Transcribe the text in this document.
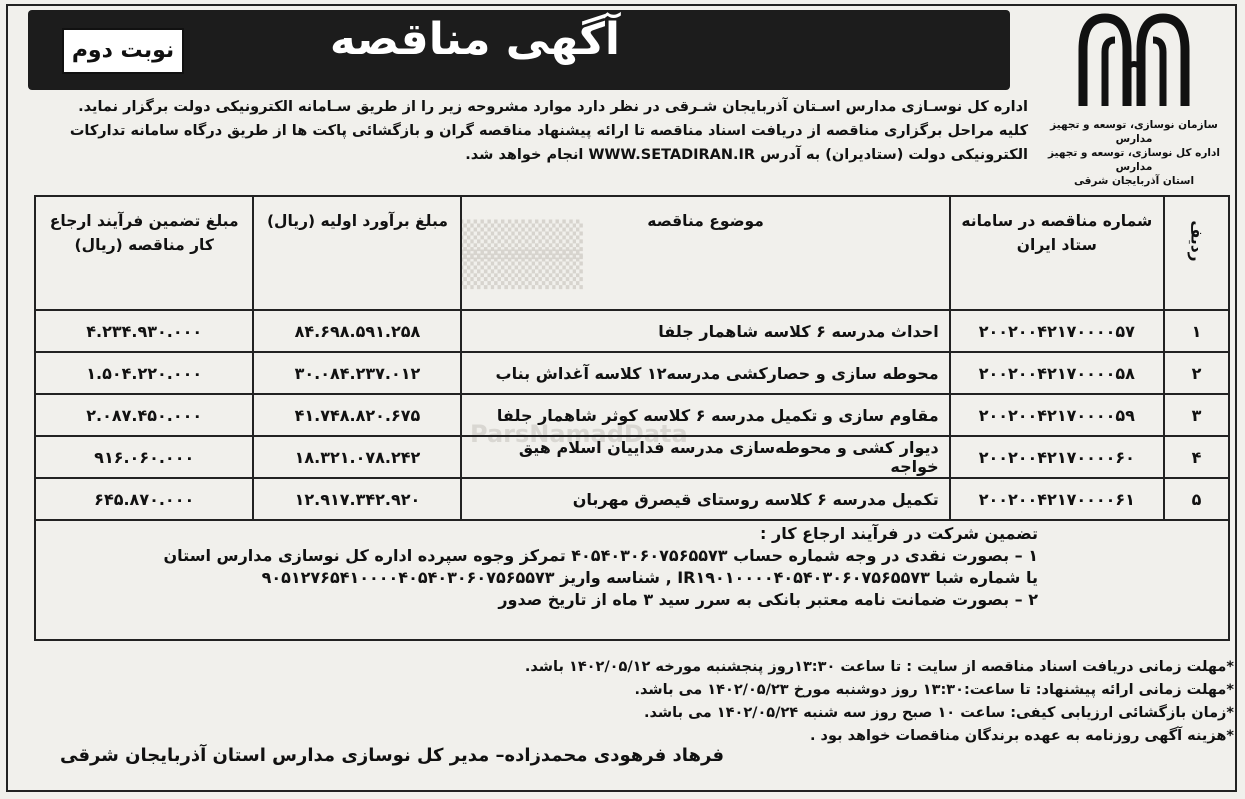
سازمان نوسازی، توسعه و تجهیز مدارس
اداره کل نوسازی، توسعه و تجهیز مدارس
استان آذربایجان شرقی
آگهی مناقصه
نوبت دوم

اداره کل نوسـازی مدارس اسـتان آذربایجان شـرقی در نظر دارد موارد مشروحه زیر را از طریق سـامانه الکترونیکی دولت برگزار نماید.

کلیه مراحل برگزاری مناقصه از دریافت اسناد مناقصه تا ارائه پیشنهاد مناقصه گران و بازگشائی پاکت ها از طریق درگاه سامانه تدارکات

الکترونیکی دولت (ستادیران) به آدرس WWW.SETADIRAN.IR انجام خواهد شد.

▒▒▒▒▒▒
▒▒▒▒▒▒
ParsNamadData
ردیف	شماره مناقصه در سامانه ستاد ایران	موضوع مناقصه	مبلغ برآورد اولیه (ریال)	مبلغ تضمین فرآیند ارجاع کار مناقصه (ریال)
۱	۲۰۰۲۰۰۴۲۱۷۰۰۰۰۵۷	احداث مدرسه ۶ کلاسه شاهمار جلفا	۸۴.۶۹۸.۵۹۱.۲۵۸	۴.۲۳۴.۹۳۰.۰۰۰
۲	۲۰۰۲۰۰۴۲۱۷۰۰۰۰۵۸	محوطه سازی و حصارکشی مدرسه۱۲ کلاسه آغداش بناب	۳۰.۰۸۴.۲۳۷.۰۱۲	۱.۵۰۴.۲۲۰.۰۰۰
۳	۲۰۰۲۰۰۴۲۱۷۰۰۰۰۵۹	مقاوم سازی و تکمیل مدرسه ۶ کلاسه کوثر شاهمار جلفا	۴۱.۷۴۸.۸۲۰.۶۷۵	۲.۰۸۷.۴۵۰.۰۰۰
۴	۲۰۰۲۰۰۴۲۱۷۰۰۰۰۶۰	دیوار کشی و محوطه‌سازی مدرسه فداییان اسلام هیق خواجه	۱۸.۳۲۱.۰۷۸.۲۴۲	۹۱۶.۰۶۰.۰۰۰
۵	۲۰۰۲۰۰۴۲۱۷۰۰۰۰۶۱	تکمیل مدرسه ۶ کلاسه روستای قیصرق مهربان	۱۲.۹۱۷.۳۴۲.۹۲۰	۶۴۵.۸۷۰.۰۰۰
تضمین شرکت در فرآیند ارجاع کار :
۱ – بصورت نقدی در وجه شماره حساب ۴۰۵۴۰۳۰۶۰۷۵۶۵۵۷۳ تمرکز وجوه سپرده اداره کل نوسازی مدارس استان
یا شماره شبا IR۱۹۰۱۰۰۰۰۴۰۵۴۰۳۰۶۰۷۵۶۵۵۷۳ , شناسه واریز ۹۰۵۱۲۷۶۵۴۱۰۰۰۰۴۰۵۴۰۳۰۶۰۷۵۶۵۵۷۳
۲ – بصورت ضمانت نامه معتبر بانکی به سرر سید ۳ ماه از تاریخ صدور
*مهلت زمانی دریافت اسناد مناقصه از سایت : تا ساعت ۱۳:۳۰روز پنجشنبه مورخه ۱۴۰۲/۰۵/۱۲ باشد.
*مهلت زمانی ارائه پیشنهاد: تا ساعت:۱۳:۳۰ روز دوشنبه مورخ ۱۴۰۲/۰۵/۲۳ می باشد.
*زمان بازگشائی ارزیابی کیفی: ساعت ۱۰ صبح روز سه شنبه ۱۴۰۲/۰۵/۲۴ می باشد.
*هزینه آگهی روزنامه به عهده برندگان مناقصات خواهد بود .
فرهاد فرهودی محمدزاده– مدیر کل نوسازی مدارس استان آذربایجان شرقی
